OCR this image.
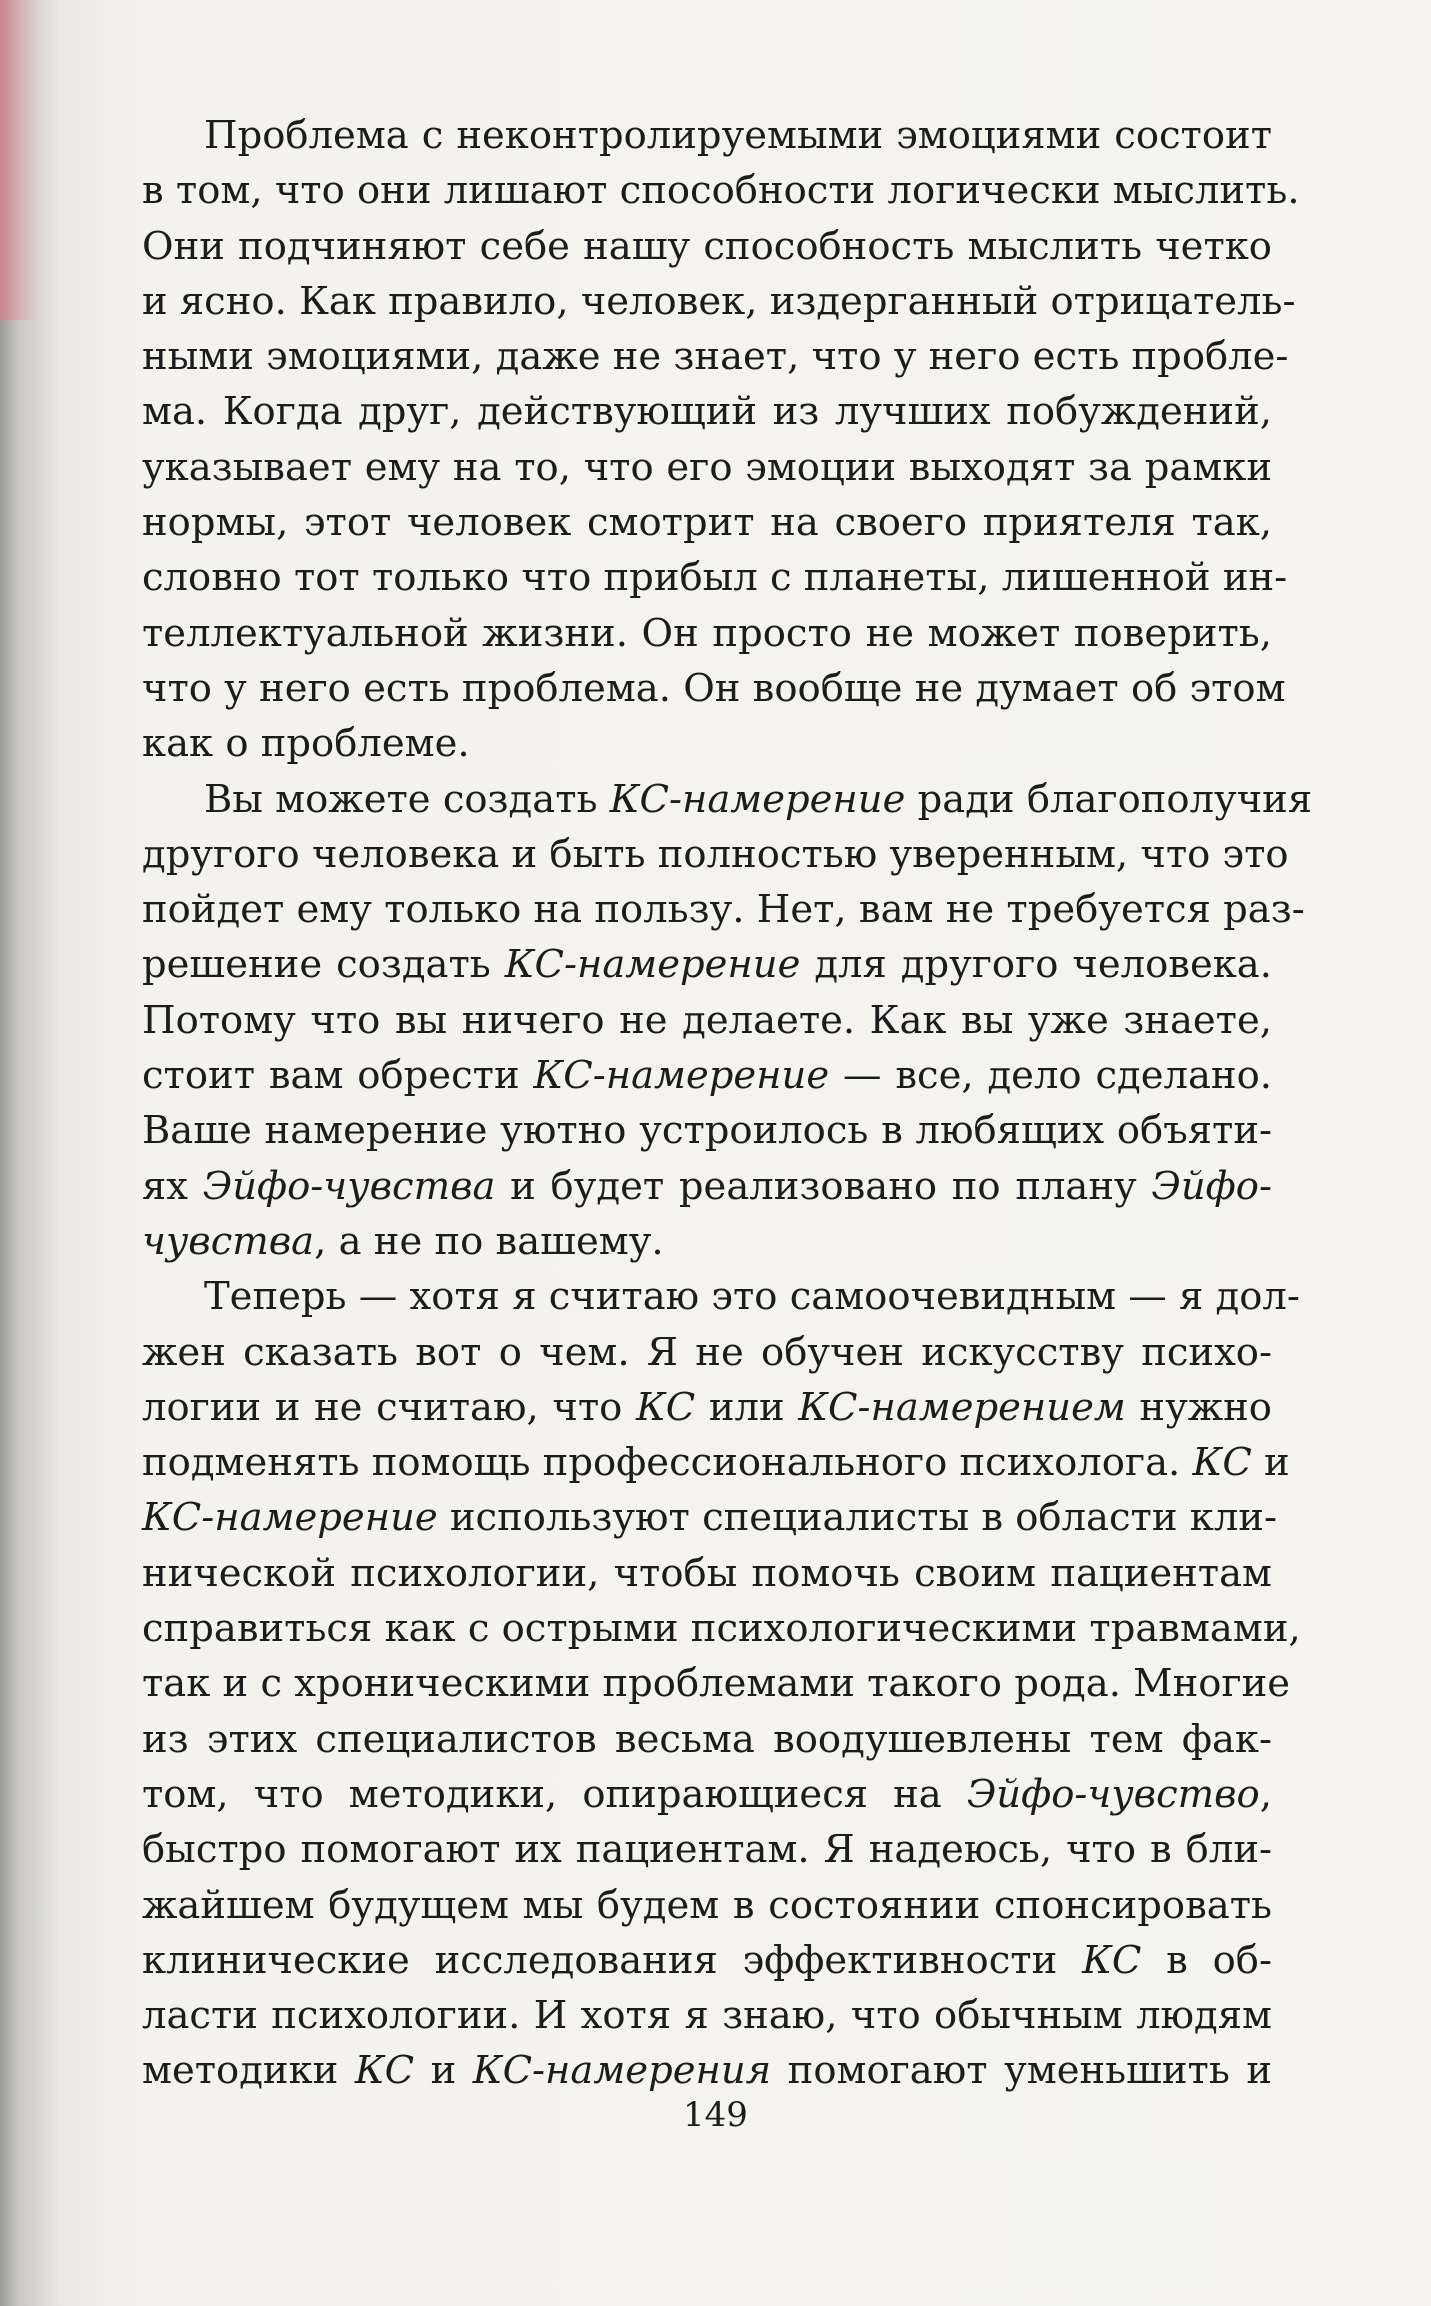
Проблема с неконтролируемыми эмоциями состоит
в том, что они лишают способности логически мыслить.
Они подчиняют себе нашу способность мыслить четко
и ясно. Как правило, человек, издерганный отрицатель-
ными эмоциями, даже не знает, что у него есть пробле-
ма. Когда друг, действующий из лучших побуждений,
указывает ему на то, что его эмоции выходят за рамки
нормы, этот человек смотрит на своего приятеля так,
словно тот только что прибыл с планеты, лишенной ин-
теллектуальной жизни. Он просто не может поверить,
что у него есть проблема. Он вообще не думает об этом
как о проблеме.
Вы можете создать КС-намерение ради благополучия
другого человека и быть полностью уверенным, что это
пойдет ему только на пользу. Нет, вам не требуется раз-
решение создать КС-намерение для другого человека.
Потому что вы ничего не делаете. Как вы уже знаете,
стоит вам обрести КС-намерение — все, дело сделано.
Ваше намерение уютно устроилось в любящих объяти-
ях Эйфо-чувства и будет реализовано по плану Эйфо-
чувства, а не по вашему.
Теперь — хотя я считаю это самоочевидным — я дол-
жен сказать вот о чем. Я не обучен искусству психо-
логии и не считаю, что КС или КС-намерением нужно
подменять помощь профессионального психолога. КС и
КС-намерение используют специалисты в области кли-
нической психологии, чтобы помочь своим пациентам
справиться как с острыми психологическими травмами,
так и с хроническими проблемами такого рода. Многие
из этих специалистов весьма воодушевлены тем фак-
том, что методики, опирающиеся на Эйфо-чувство,
быстро помогают их пациентам. Я надеюсь, что в бли-
жайшем будущем мы будем в состоянии спонсировать
клинические исследования эффективности КС в об-
ласти психологии. И хотя я знаю, что обычным людям
методики КС и КС-намерения помогают уменьшить и
149
